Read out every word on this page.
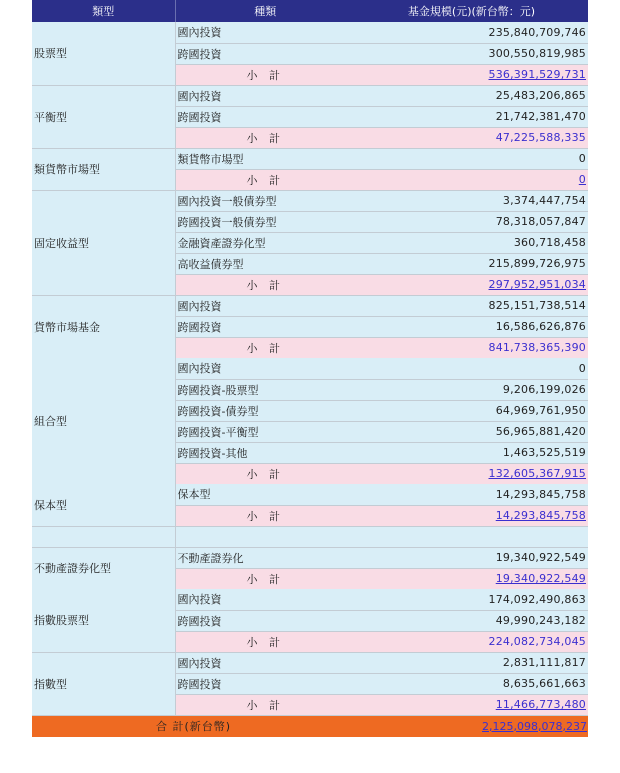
類型	種類	基金規模(元)(新台幣：元)
股票型	國內投資	235,840,709,746
	跨國投資	300,550,819,985
	小 計	536,391,529,731
平衡型	國內投資	25,483,206,865
	跨國投資	21,742,381,470
	小 計	47,225,588,335
類貨幣市場型	類貨幣市場型	0
	小 計	0
固定收益型	國內投資一般債券型	3,374,447,754
	跨國投資一般債券型	78,318,057,847
	金融資產證券化型	360,718,458
	高收益債券型	215,899,726,975
	小 計	297,952,951,034
貨幣市場基金	國內投資	825,151,738,514
	跨國投資	16,586,626,876
	小 計	841,738,365,390
組合型	國內投資	0
	跨國投資-股票型	9,206,199,026
	跨國投資-債券型	64,969,761,950
	跨國投資-平衡型	56,965,881,420
	跨國投資-其他	1,463,525,519
	小 計	132,605,367,915
保本型	保本型	14,293,845,758
	小 計	14,293,845,758

不動產證券化型	不動產證券化	19,340,922,549
	小 計	19,340,922,549
指數股票型	國內投資	174,092,490,863
	跨國投資	49,990,243,182
	小 計	224,082,734,045
指數型	國內投資	2,831,111,817
	跨國投資	8,635,661,663
	小 計	11,466,773,480
合 計(新台幣)		2,125,098,078,237
